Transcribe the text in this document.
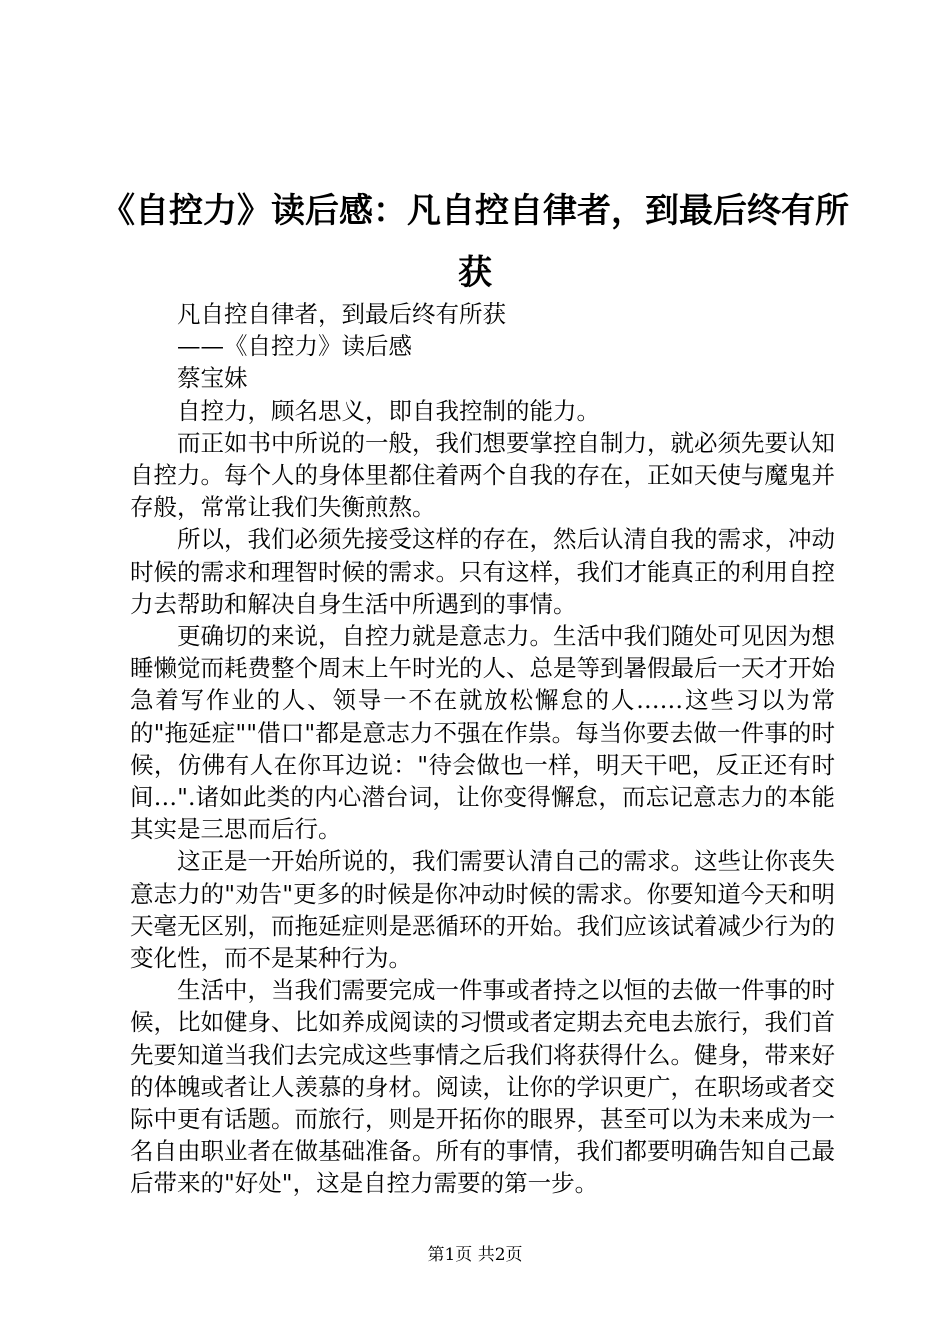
《自控力》读后感：凡自控自律者，到最后终有所获

凡自控自律者，到最后终有所获

——《自控力》读后感

蔡宝妹

自控力，顾名思义，即自我控制的能力。

而正如书中所说的一般，我们想要掌控自制力，就必须先要认知自控力。每个人的身体里都住着两个自我的存在，正如天使与魔鬼并存般，常常让我们失衡煎熬。

所以，我们必须先接受这样的存在，然后认清自我的需求，冲动时候的需求和理智时候的需求。只有这样，我们才能真正的利用自控力去帮助和解决自身生活中所遇到的事情。

更确切的来说，自控力就是意志力。生活中我们随处可见因为想睡懒觉而耗费整个周末上午时光的人、总是等到暑假最后一天才开始急着写作业的人、领导一不在就放松懈怠的人……这些习以为常的"拖延症""借口"都是意志力不强在作祟。每当你要去做一件事的时候，仿佛有人在你耳边说："待会做也一样，明天干吧，反正还有时间…".诸如此类的内心潜台词，让你变得懈怠，而忘记意志力的本能其实是三思而后行。

这正是一开始所说的，我们需要认清自己的需求。这些让你丧失意志力的"劝告"更多的时候是你冲动时候的需求。你要知道今天和明天毫无区别，而拖延症则是恶循环的开始。我们应该试着减少行为的变化性，而不是某种行为。

生活中，当我们需要完成一件事或者持之以恒的去做一件事的时候，比如健身、比如养成阅读的习惯或者定期去充电去旅行，我们首先要知道当我们去完成这些事情之后我们将获得什么。健身，带来好的体魄或者让人羡慕的身材。阅读，让你的学识更广，在职场或者交际中更有话题。而旅行，则是开拓你的眼界，甚至可以为未来成为一名自由职业者在做基础准备。所有的事情，我们都要明确告知自己最后带来的"好处"，这是自控力需要的第一步。

第1页 共2页
